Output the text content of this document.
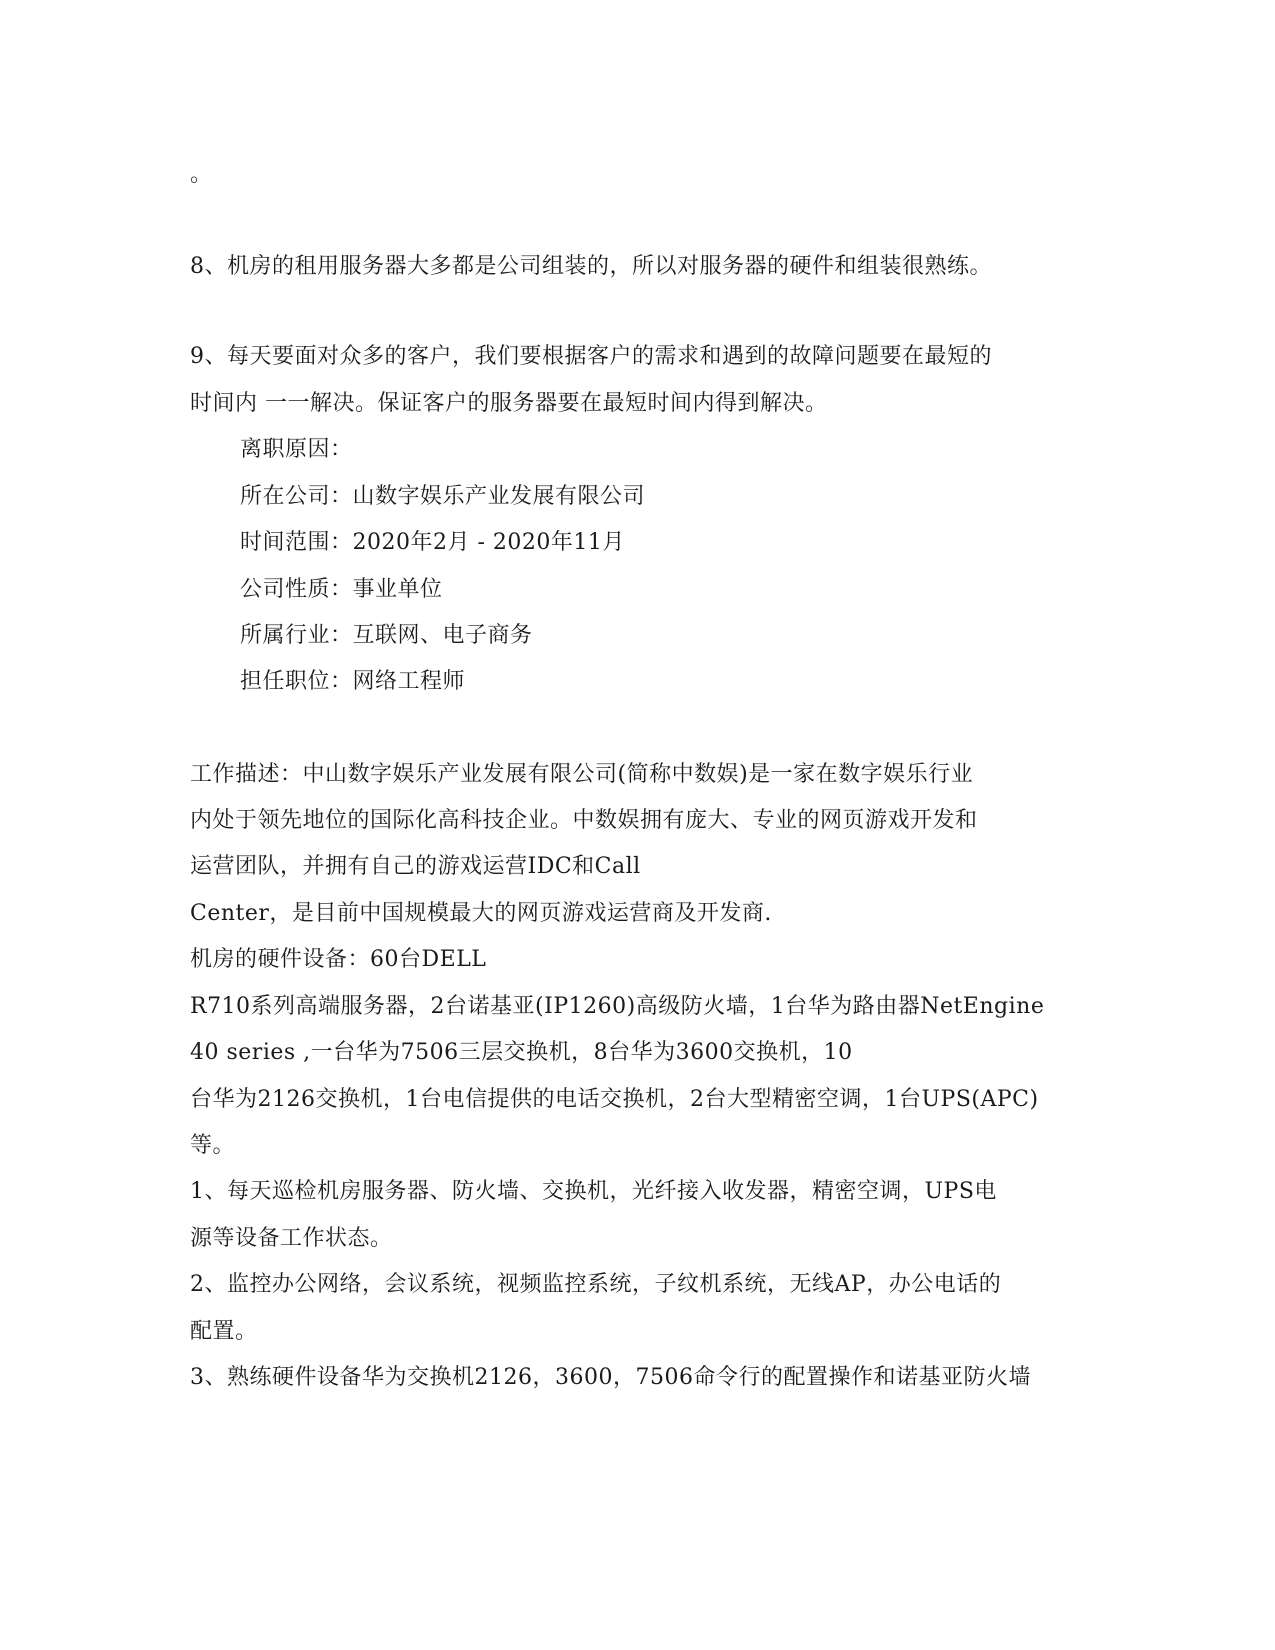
。
8、机房的租用服务器大多都是公司组装的，所以对服务器的硬件和组装很熟练。
9、每天要面对众多的客户，我们要根据客户的需求和遇到的故障问题要在最短的
时间内 一一解决。保证客户的服务器要在最短时间内得到解决。
离职原因：
所在公司：山数字娱乐产业发展有限公司
时间范围：2020年2月 - 2020年11月
公司性质：事业单位
所属行业：互联网、电子商务
担任职位：网络工程师
工作描述：中山数字娱乐产业发展有限公司(简称中数娱)是一家在数字娱乐行业
内处于领先地位的国际化高科技企业。中数娱拥有庞大、专业的网页游戏开发和
运营团队，并拥有自己的游戏运营IDC和Call
Center，是目前中国规模最大的网页游戏运营商及开发商.
机房的硬件设备：60台DELL
R710系列高端服务器，2台诺基亚(IP1260)高级防火墙，1台华为路由器NetEngine
40 series ,一台华为7506三层交换机，8台华为3600交换机，10
台华为2126交换机，1台电信提供的电话交换机，2台大型精密空调，1台UPS(APC)
等。
1、每天巡检机房服务器、防火墙、交换机，光纤接入收发器，精密空调，UPS电
源等设备工作状态。
2、监控办公网络，会议系统，视频监控系统，子纹机系统，无线AP，办公电话的
配置。
3、熟练硬件设备华为交换机2126，3600，7506命令行的配置操作和诺基亚防火墙
